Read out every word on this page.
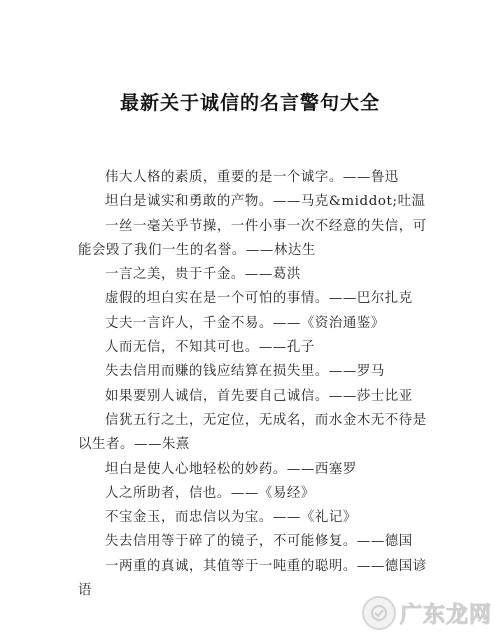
最新关于诚信的名言警句大全

伟大人格的素质，重要的是一个诚字。——鲁迅

坦白是诚实和勇敢的产物。——马克&middot;吐温

一丝一毫关乎节操，一件小事一次不经意的失信，可能会毁了我们一生的名誉。——林达生

一言之美，贵于千金。——葛洪

虚假的坦白实在是一个可怕的事情。——巴尔扎克

丈夫一言许人，千金不易。——《资治通鉴》

人而无信，不知其可也。——孔子

失去信用而赚的钱应结算在损失里。——罗马

如果要别人诚信，首先要自己诚信。——莎士比亚

信犹五行之土，无定位，无成名，而水金木无不待是以生者。——朱熹

坦白是使人心地轻松的妙药。——西塞罗

人之所助者，信也。——《易经》

不宝金玉，而忠信以为宝。——《礼记》

失去信用等于碎了的镜子，不可能修复。——德国

一两重的真诚，其值等于一吨重的聪明。——德国谚语

广东龙网
